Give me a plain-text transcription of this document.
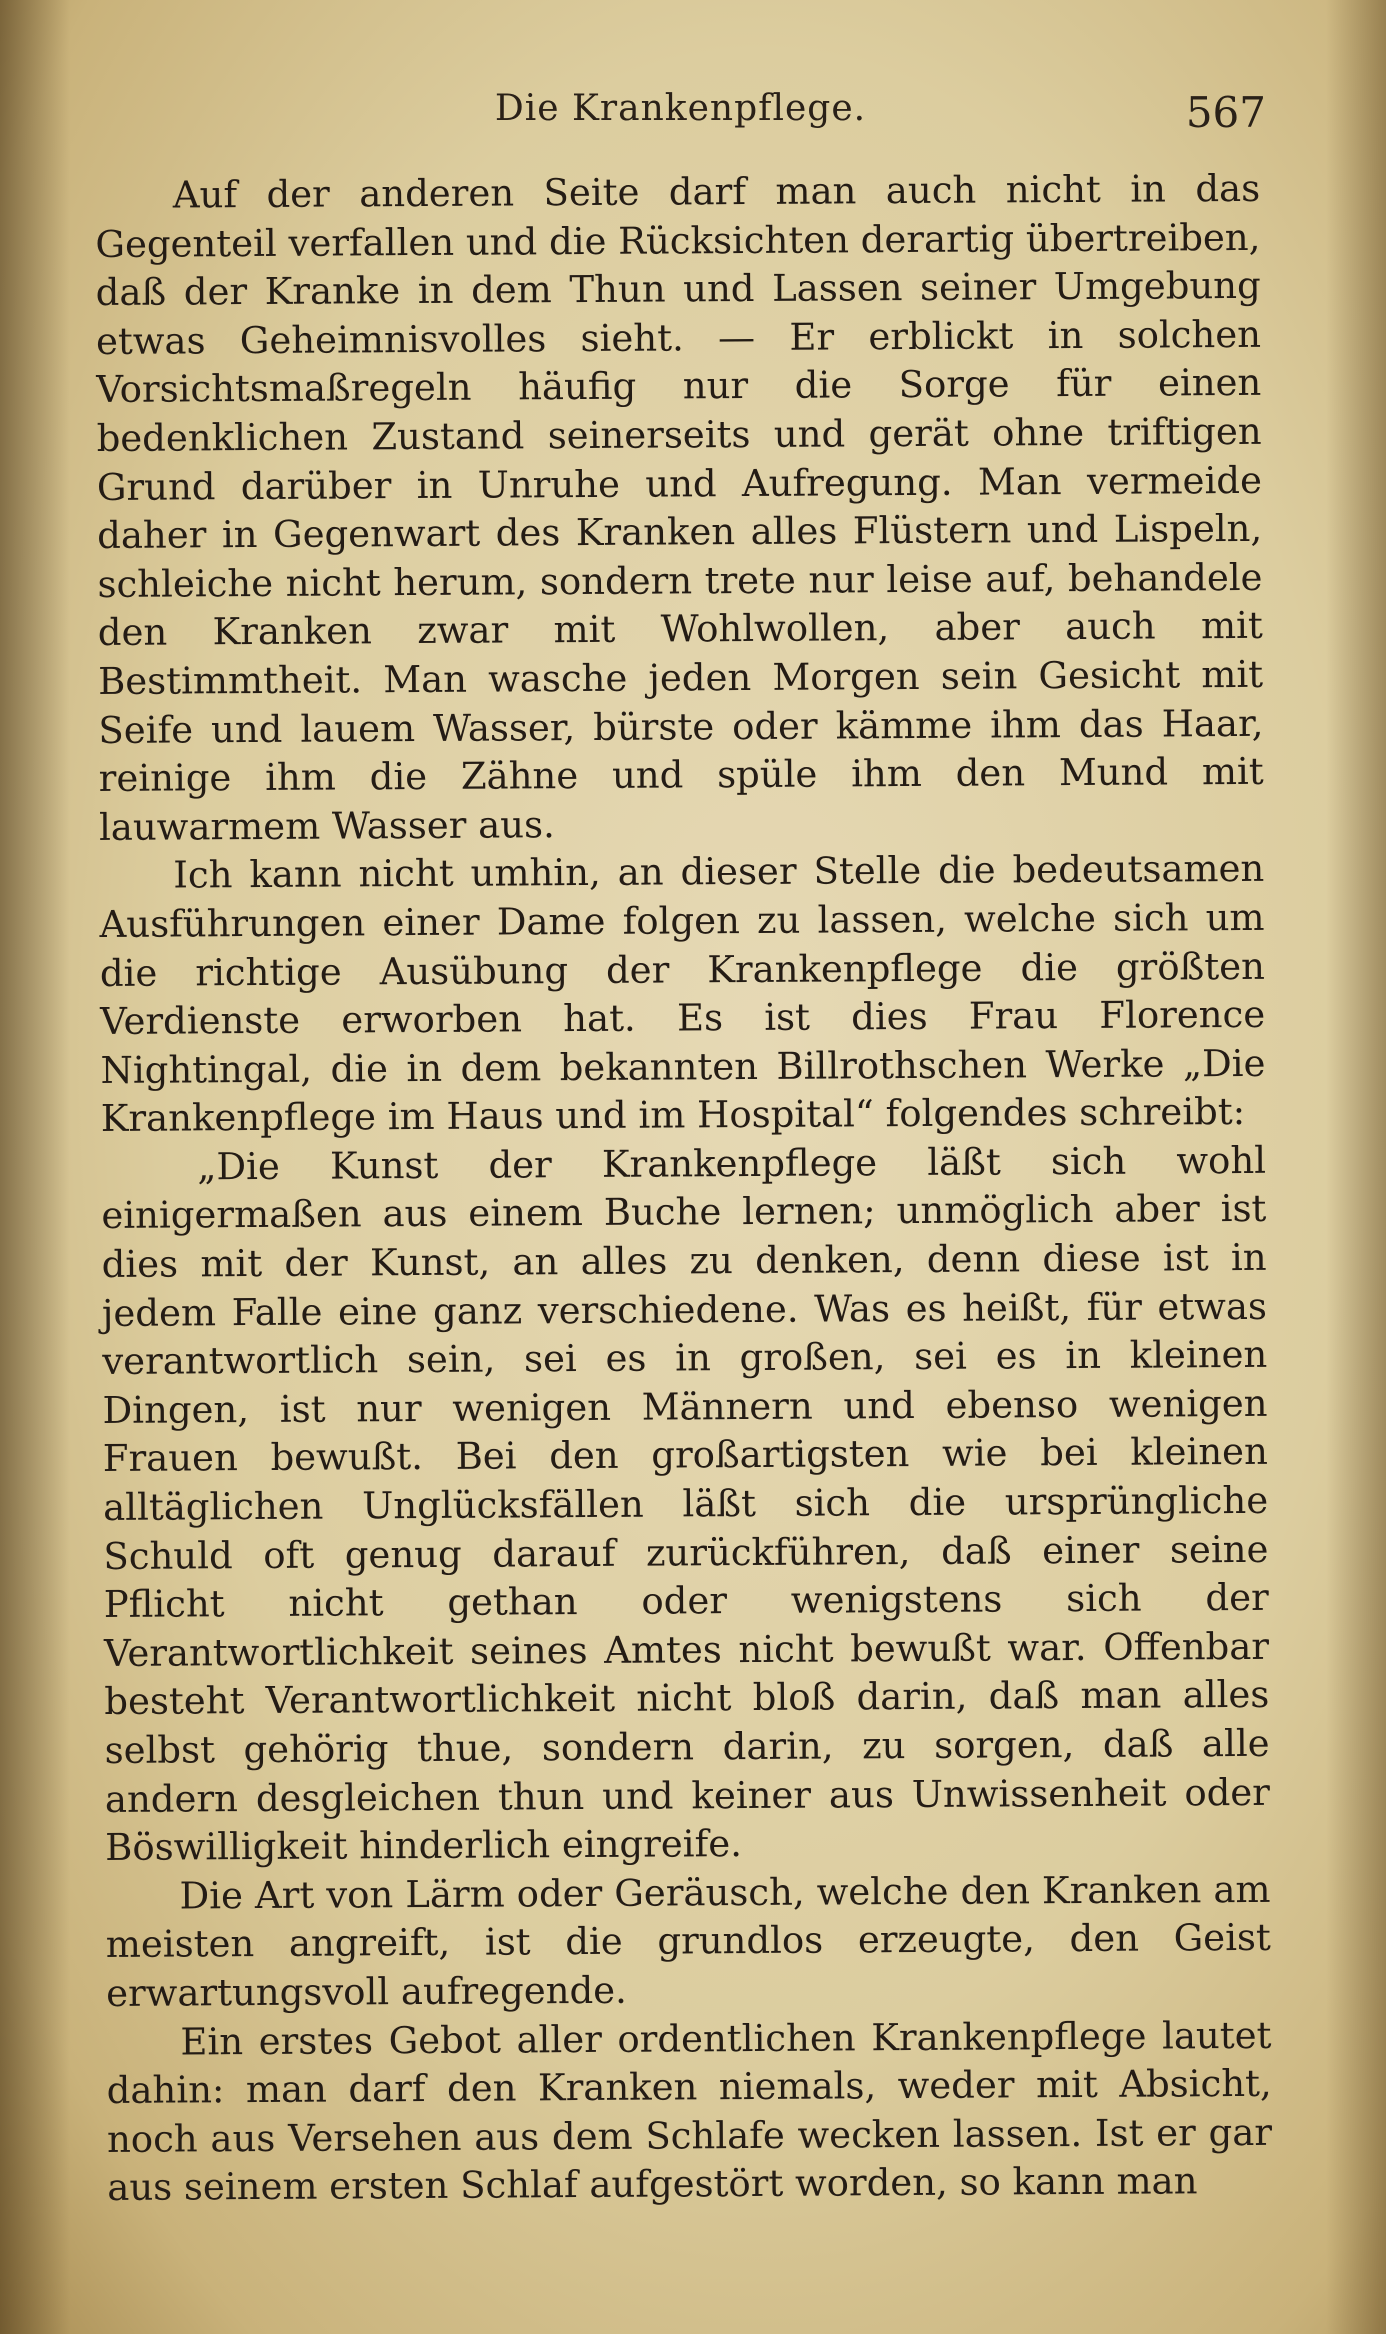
Die Krankenpflege.	567

Auf der anderen Seite darf man auch nicht in das Gegenteil verfallen und die Rücksichten derartig übertreiben, daß der Kranke in dem Thun und Lassen seiner Umgebung etwas Geheimnisvolles sieht. — Er erblickt in solchen Vorsichtsmaßregeln häufig nur die Sorge für einen bedenklichen Zustand seinerseits und gerät ohne triftigen Grund darüber in Unruhe und Aufregung. Man vermeide daher in Gegenwart des Kranken alles Flüstern und Lispeln, schleiche nicht herum, sondern trete nur leise auf, behandele den Kranken zwar mit Wohlwollen, aber auch mit Bestimmtheit. Man wasche jeden Morgen sein Gesicht mit Seife und lauem Wasser, bürste oder kämme ihm das Haar, reinige ihm die Zähne und spüle ihm den Mund mit lauwarmem Wasser aus.

Ich kann nicht umhin, an dieser Stelle die bedeutsamen Ausführungen einer Dame folgen zu lassen, welche sich um die richtige Ausübung der Krankenpflege die größten Verdienste erworben hat. Es ist dies Frau Florence Nightingal, die in dem bekannten Billrothschen Werke „Die Krankenpflege im Haus und im Hospital“ folgendes schreibt:

„Die Kunst der Krankenpflege läßt sich wohl einigermaßen aus einem Buche lernen; unmöglich aber ist dies mit der Kunst, an alles zu denken, denn diese ist in jedem Falle eine ganz verschiedene. Was es heißt, für etwas verantwortlich sein, sei es in großen, sei es in kleinen Dingen, ist nur wenigen Männern und ebenso wenigen Frauen bewußt. Bei den großartigsten wie bei kleinen alltäglichen Unglücksfällen läßt sich die ursprüngliche Schuld oft genug darauf zurückführen, daß einer seine Pflicht nicht gethan oder wenigstens sich der Verantwortlichkeit seines Amtes nicht bewußt war. Offenbar besteht Verantwortlichkeit nicht bloß darin, daß man alles selbst gehörig thue, sondern darin, zu sorgen, daß alle andern desgleichen thun und keiner aus Unwissenheit oder Böswilligkeit hinderlich eingreife.

Die Art von Lärm oder Geräusch, welche den Kranken am meisten angreift, ist die grundlos erzeugte, den Geist erwartungsvoll aufregende.

Ein erstes Gebot aller ordentlichen Krankenpflege lautet dahin: man darf den Kranken niemals, weder mit Absicht, noch aus Versehen aus dem Schlafe wecken lassen. Ist er gar aus seinem ersten Schlaf aufgestört worden, so kann man
